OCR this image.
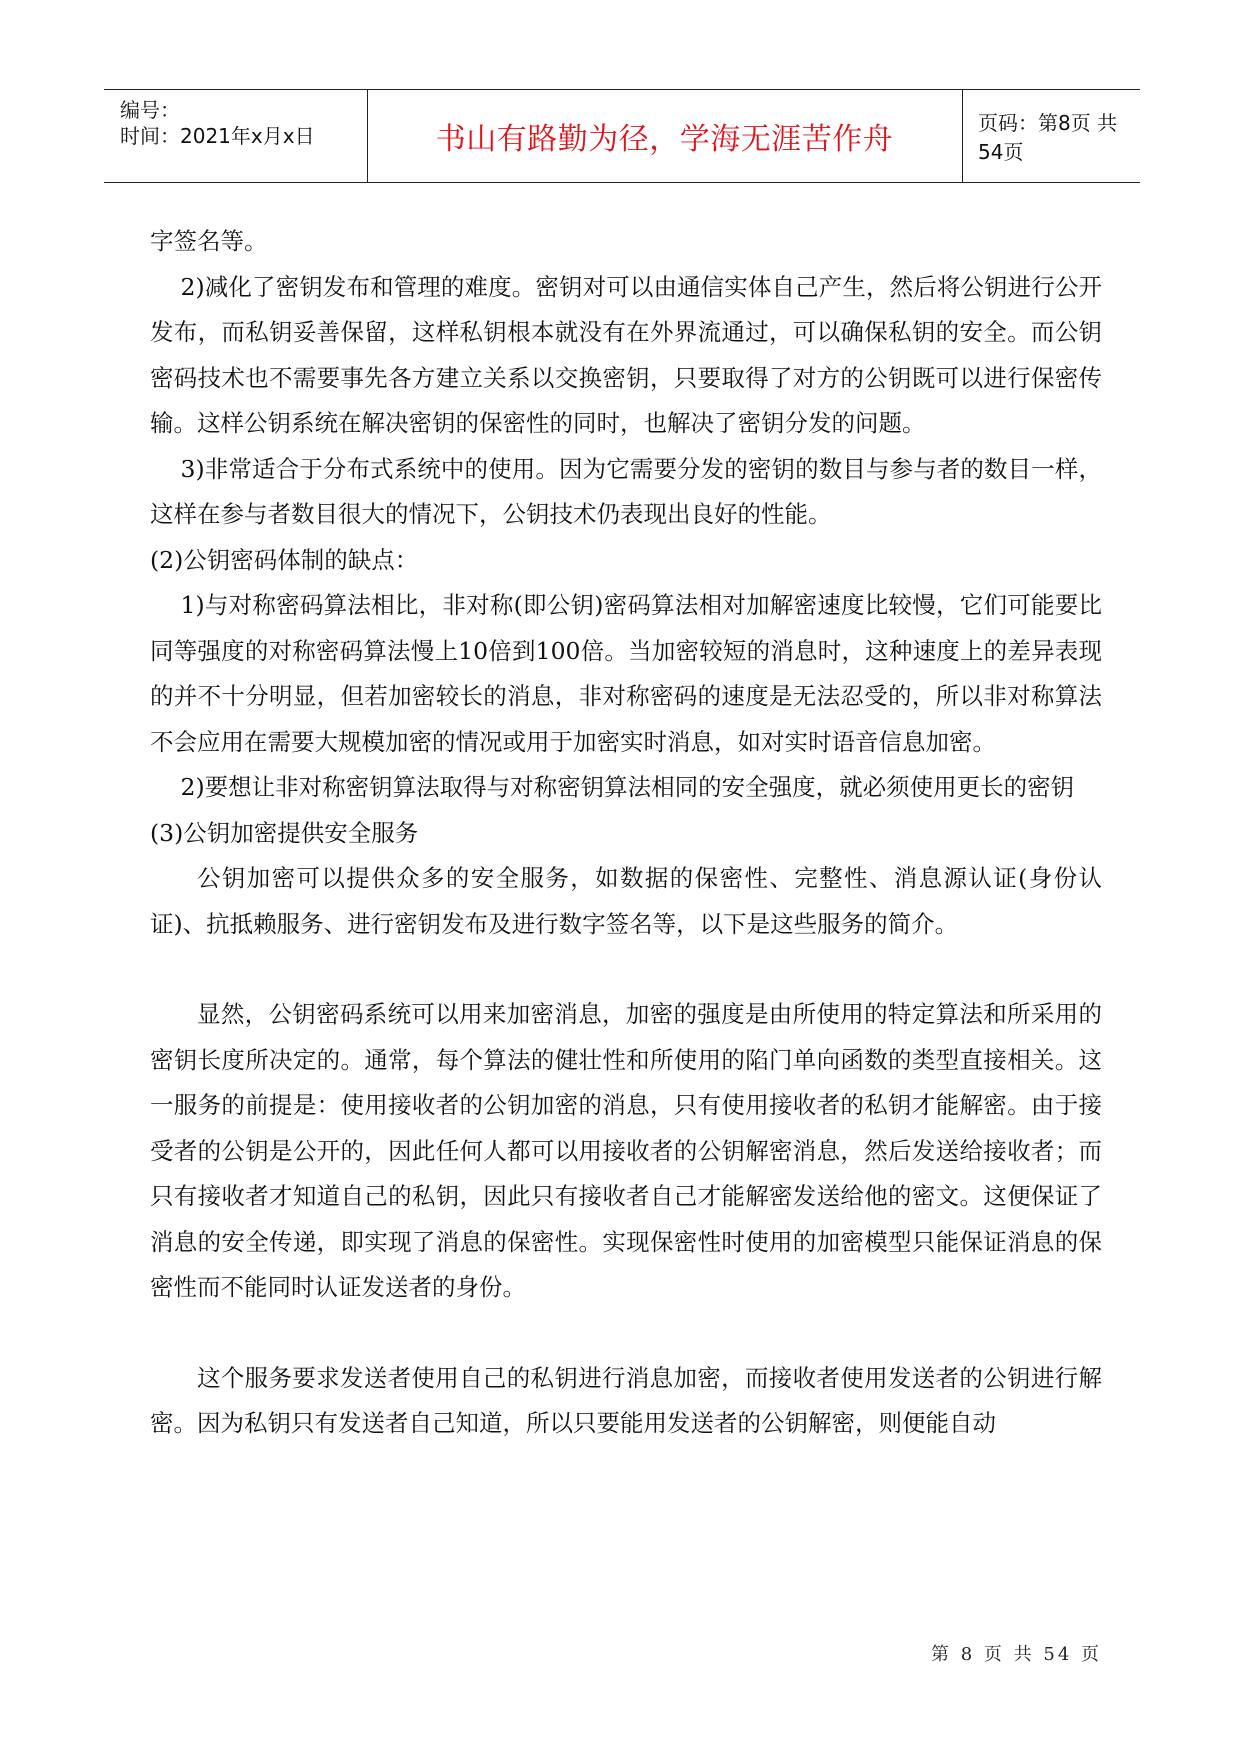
编号：
时间：2021年x月x日	书山有路勤为径，学海无涯苦作舟	页码：第8页 共54页

字签名等。

2)减化了密钥发布和管理的难度。密钥对可以由通信实体自己产生，然后将公钥进行公开发布，而私钥妥善保留，这样私钥根本就没有在外界流通过，可以确保私钥的安全。而公钥密码技术也不需要事先各方建立关系以交换密钥，只要取得了对方的公钥既可以进行保密传输。这样公钥系统在解决密钥的保密性的同时，也解决了密钥分发的问题。

3)非常适合于分布式系统中的使用。因为它需要分发的密钥的数目与参与者的数目一样，这样在参与者数目很大的情况下，公钥技术仍表现出良好的性能。

(2)公钥密码体制的缺点：

1)与对称密码算法相比，非对称(即公钥)密码算法相对加解密速度比较慢，它们可能要比同等强度的对称密码算法慢上10倍到100倍。当加密较短的消息时，这种速度上的差异表现的并不十分明显，但若加密较长的消息，非对称密码的速度是无法忍受的，所以非对称算法不会应用在需要大规模加密的情况或用于加密实时消息，如对实时语音信息加密。

2)要想让非对称密钥算法取得与对称密钥算法相同的安全强度，就必须使用更长的密钥

(3)公钥加密提供安全服务

公钥加密可以提供众多的安全服务，如数据的保密性、完整性、消息源认证(身份认证)、抗抵赖服务、进行密钥发布及进行数字签名等，以下是这些服务的简介。

显然，公钥密码系统可以用来加密消息，加密的强度是由所使用的特定算法和所采用的密钥长度所决定的。通常，每个算法的健壮性和所使用的陷门单向函数的类型直接相关。这一服务的前提是：使用接收者的公钥加密的消息，只有使用接收者的私钥才能解密。由于接受者的公钥是公开的，因此任何人都可以用接收者的公钥解密消息，然后发送给接收者；而只有接收者才知道自己的私钥，因此只有接收者自己才能解密发送给他的密文。这便保证了消息的安全传递，即实现了消息的保密性。实现保密性时使用的加密模型只能保证消息的保密性而不能同时认证发送者的身份。

这个服务要求发送者使用自己的私钥进行消息加密，而接收者使用发送者的公钥进行解密。因为私钥只有发送者自己知道，所以只要能用发送者的公钥解密，则便能自动

第 8 页 共 54 页
